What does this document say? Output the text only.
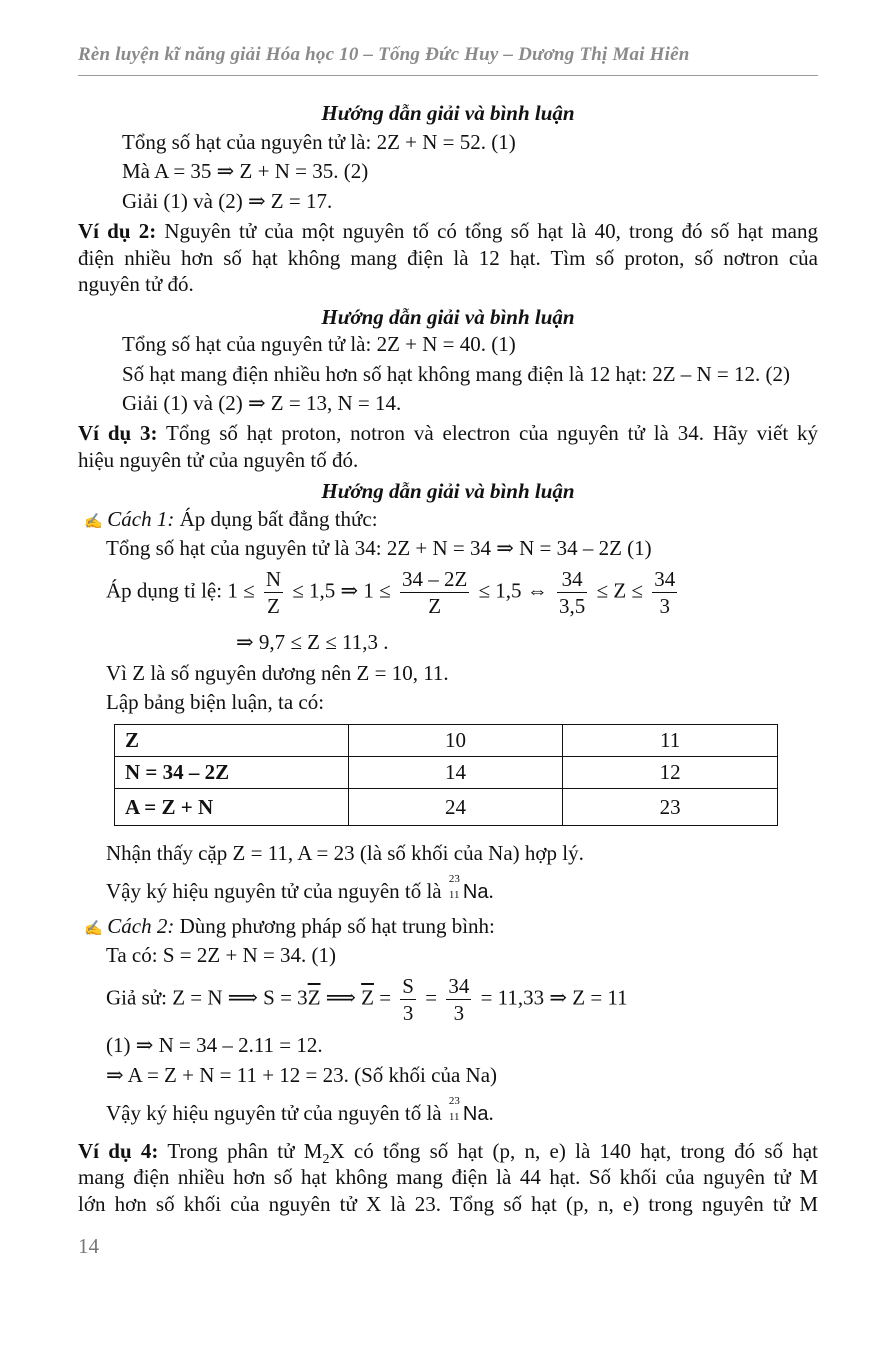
Rèn luyện kĩ năng giải Hóa học 10 – Tống Đức Huy – Dương Thị Mai Hiên
Hướng dẫn giải và bình luận
Tổng số hạt của nguyên tử là: 2Z + N = 52. (1)
Mà A = 35 ⇒ Z + N = 35. (2)
Giải (1) và (2) ⇒ Z = 17.
Ví dụ 2: Nguyên tử của một nguyên tố có tổng số hạt là 40, trong đó số hạt mang
điện nhiều hơn số hạt không mang điện là 12 hạt. Tìm số proton, số nơtron của
nguyên tử đó.
Hướng dẫn giải và bình luận
Tổng số hạt của nguyên tử là: 2Z + N = 40. (1)
Số hạt mang điện nhiều hơn số hạt không mang điện là 12 hạt: 2Z – N = 12. (2)
Giải (1) và (2) ⇒ Z = 13, N = 14.
Ví dụ 3: Tổng số hạt proton, notron và electron của nguyên tử là 34. Hãy viết ký
hiệu nguyên tử của nguyên tố đó.
Hướng dẫn giải và bình luận
✍ Cách 1: Áp dụng bất đẳng thức:
Tổng số hạt của nguyên tử là 34: 2Z + N = 34 ⇒ N = 34 – 2Z (1)
Áp dụng tỉ lệ: $1 \le \frac{N}{Z} \le 1,5$ ⇒ $1 \le \frac{34 - 2Z}{Z} \le 1,5$ ⇔ $\frac{34}{3,5} \le Z \le \frac{34}{3}$
⇒ 9,7 ≤ Z ≤ 11,3 .
Vì Z là số nguyên dương nên Z = 10, 11.
Lập bảng biện luận, ta có:
Z	10	11
N = 34 – 2Z	14	12
A = Z + N	24	23
Nhận thấy cặp Z = 11, A = 23 (là số khối của Na) hợp lý.
Vậy ký hiệu nguyên tử của nguyên tố là 23
11 Na.
✍ Cách 2: Dùng phương pháp số hạt trung bình:
Ta có: S = 2Z + N = 34. (1)
Giả sử: Z = N ⟹ $S = 3\overline{Z}$ ⟹ $\overline{Z} = \frac{S}{3} = \frac{34}{3} = 11,33$ ⇒ Z = 11
(1) ⇒ N = 34 – 2.11 = 12.
⇒ A = Z + N = 11 + 12 = 23. (Số khối của Na)
Vậy ký hiệu nguyên tử của nguyên tố là 23
11 Na.
Ví dụ 4: Trong phân tử $M_2X$ có tổng số hạt (p, n, e) là 140 hạt, trong đó số hạt
mang điện nhiều hơn số hạt không mang điện là 44 hạt. Số khối của nguyên tử M
lớn hơn số khối của nguyên tử X là 23. Tổng số hạt (p, n, e) trong nguyên tử M
14
